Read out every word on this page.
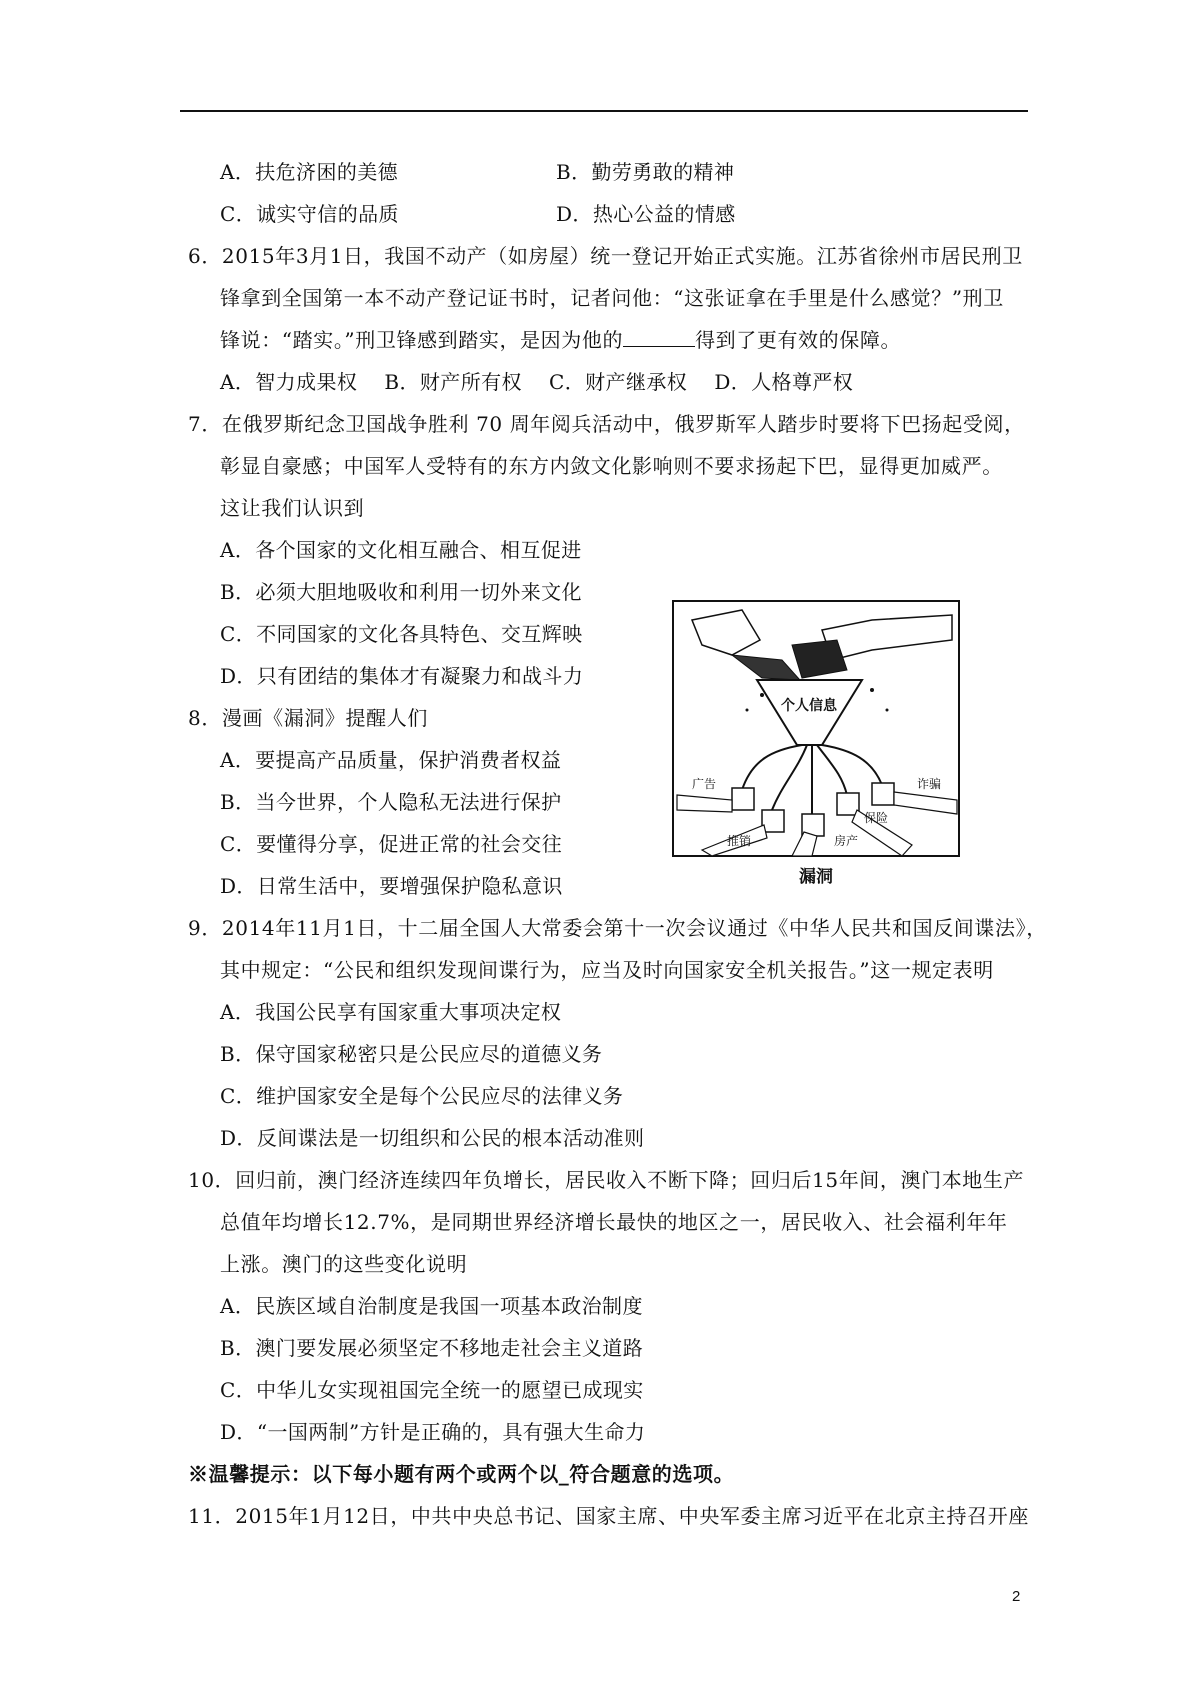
A．扶危济困的美德	B．勤劳勇敢的精神
C．诚实守信的品质	D．热心公益的情感
6．2015年3月1日，我国不动产（如房屋）统一登记开始正式实施。江苏省徐州市居民刑卫
锋拿到全国第一本不动产登记证书时，记者问他：“这张证拿在手里是什么感觉？”刑卫
锋说：“踏实。”刑卫锋感到踏实，是因为他的	得到了更有效的保障。
A．智力成果权　 B．财产所有权　 C．财产继承权　 D．人格尊严权
7．在俄罗斯纪念卫国战争胜利 70 周年阅兵活动中，俄罗斯军人踏步时要将下巴扬起受阅，
彰显自豪感；中国军人受特有的东方内敛文化影响则不要求扬起下巴，显得更加威严。
这让我们认识到
A．各个国家的文化相互融合、相互促进
B．必须大胆地吸收和利用一切外来文化
C．不同国家的文化各具特色、交互辉映
D．只有团结的集体才有凝聚力和战斗力
8．漫画《漏洞》提醒人们
A．要提高产品质量，保护消费者权益
B．当今世界，个人隐私无法进行保护
C．要懂得分享，促进正常的社会交往
D．日常生活中，要增强保护隐私意识
个人信息
广告	诈骗
保险
推销	房产
漏洞
9．2014年11月1日，十二届全国人大常委会第十一次会议通过《中华人民共和国反间谍法》，
其中规定：“公民和组织发现间谍行为，应当及时向国家安全机关报告。”这一规定表明
A．我国公民享有国家重大事项决定权
B．保守国家秘密只是公民应尽的道德义务
C．维护国家安全是每个公民应尽的法律义务
D．反间谍法是一切组织和公民的根本活动准则
10．回归前，澳门经济连续四年负增长，居民收入不断下降；回归后15年间，澳门本地生产
总值年均增长12.7%，是同期世界经济增长最快的地区之一，居民收入、社会福利年年
上涨。澳门的这些变化说明
A．民族区域自治制度是我国一项基本政治制度
B．澳门要发展必须坚定不移地走社会主义道路
C．中华儿女实现祖国完全统一的愿望已成现实
D．“一国两制”方针是正确的，具有强大生命力
※温馨提示：以下每小题有两个或两个以_符合题意的选项。
11．2015年1月12日，中共中央总书记、国家主席、中央军委主席习近平在北京主持召开座
2
